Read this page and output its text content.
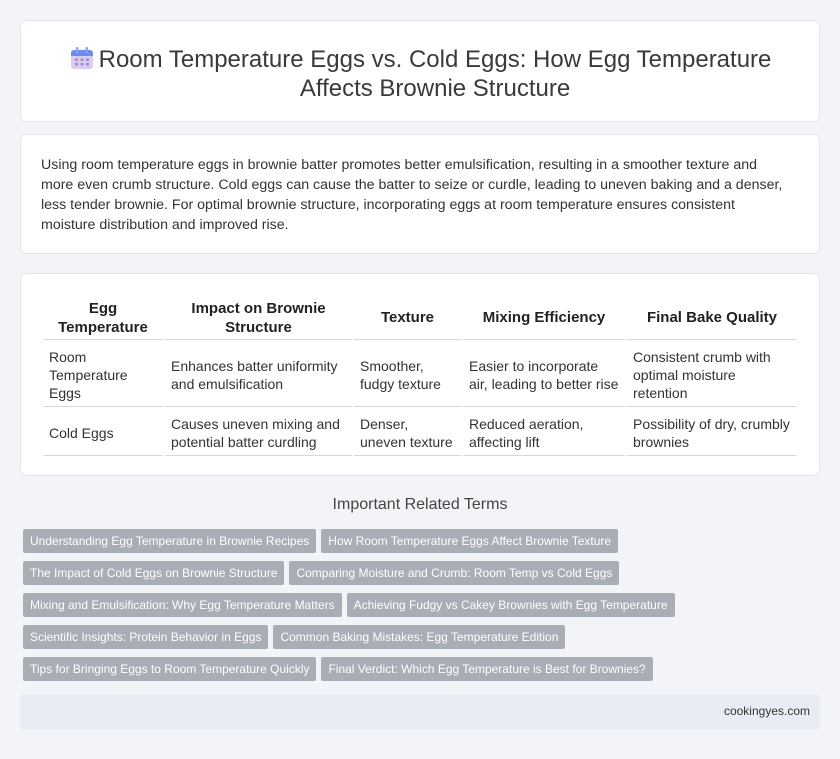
Room Temperature Eggs vs. Cold Eggs: How Egg Temperature Affects Brownie Structure

Using room temperature eggs in brownie batter promotes better emulsification, resulting in a smoother texture and more even crumb structure. Cold eggs can cause the batter to seize or curdle, leading to uneven baking and a denser, less tender brownie. For optimal brownie structure, incorporating eggs at room temperature ensures consistent moisture distribution and improved rise.

Egg Temperature	Impact on Brownie Structure	Texture	Mixing Efficiency	Final Bake Quality
Room Temperature Eggs	Enhances batter uniformity and emulsification	Smoother, fudgy texture	Easier to incorporate air, leading to better rise	Consistent crumb with optimal moisture retention
Cold Eggs	Causes uneven mixing and potential batter curdling	Denser, uneven texture	Reduced aeration, affecting lift	Possibility of dry, crumbly brownies
Important Related Terms
Understanding Egg Temperature in Brownie Recipes How Room Temperature Eggs Affect Brownie Texture
The Impact of Cold Eggs on Brownie Structure Comparing Moisture and Crumb: Room Temp vs Cold Eggs
Mixing and Emulsification: Why Egg Temperature Matters Achieving Fudgy vs Cakey Brownies with Egg Temperature
Scientific Insights: Protein Behavior in Eggs Common Baking Mistakes: Egg Temperature Edition
Tips for Bringing Eggs to Room Temperature Quickly Final Verdict: Which Egg Temperature is Best for Brownies?
cookingyes.com
